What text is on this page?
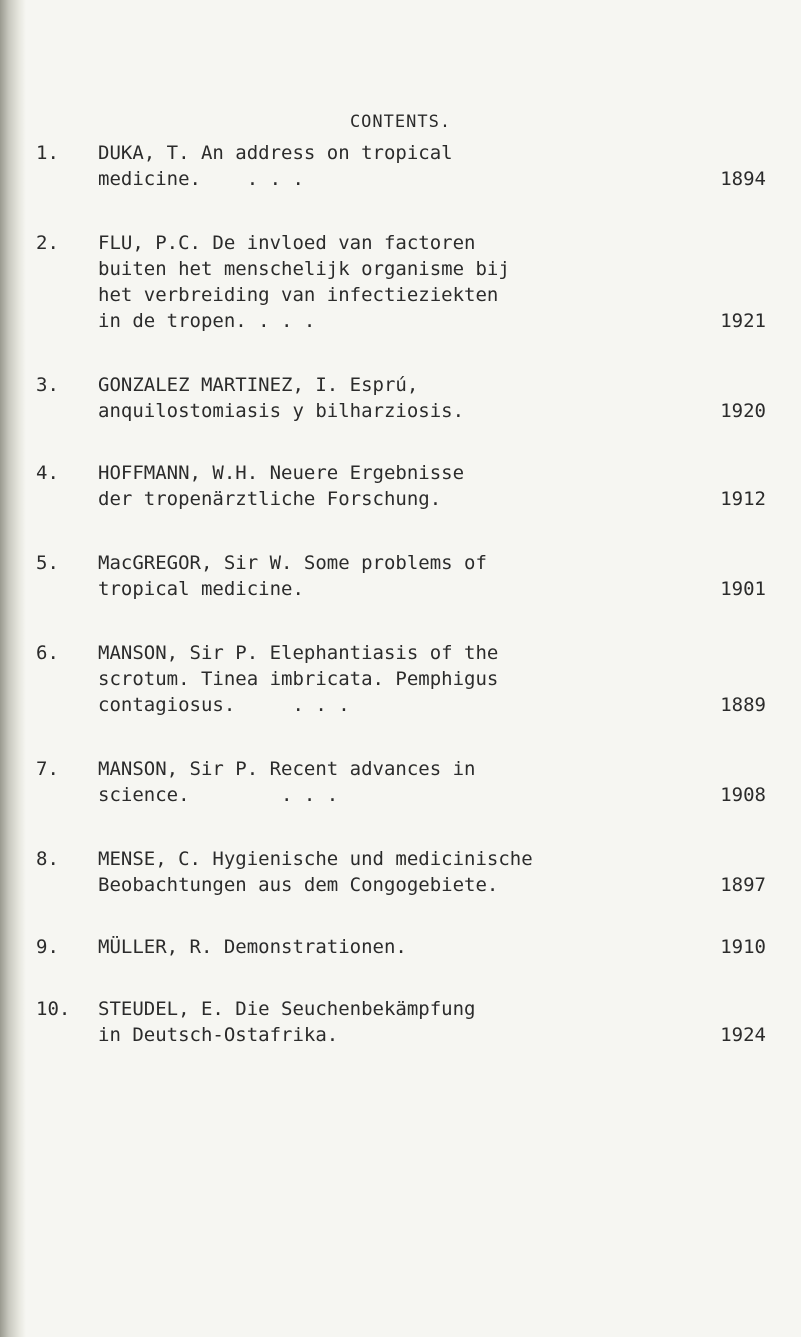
CONTENTS.
1.	DUKA, T. An address on tropical
medicine.    . . .	1894
2.	FLU, P.C. De invloed van factoren
buiten het menschelijk organisme bij
het verbreiding van infectieziekten
in de tropen. . . .	1921
3.	GONZALEZ MARTINEZ, I. Esprú,
anquilostomiasis y bilharziosis.	1920
4.	HOFFMANN, W.H. Neuere Ergebnisse
der tropenärztliche Forschung.	1912
5.	MacGREGOR, Sir W. Some problems of
tropical medicine.	1901
6.	MANSON, Sir P. Elephantiasis of the
scrotum. Tinea imbricata. Pemphigus
contagiosus.     . . .	1889
7.	MANSON, Sir P. Recent advances in
science.        . . .	1908
8.	MENSE, C. Hygienische und medicinische
Beobachtungen aus dem Congogebiete.	1897
9.	MÜLLER, R. Demonstrationen.	1910
10.	STEUDEL, E. Die Seuchenbekämpfung
in Deutsch-Ostafrika.	1924
